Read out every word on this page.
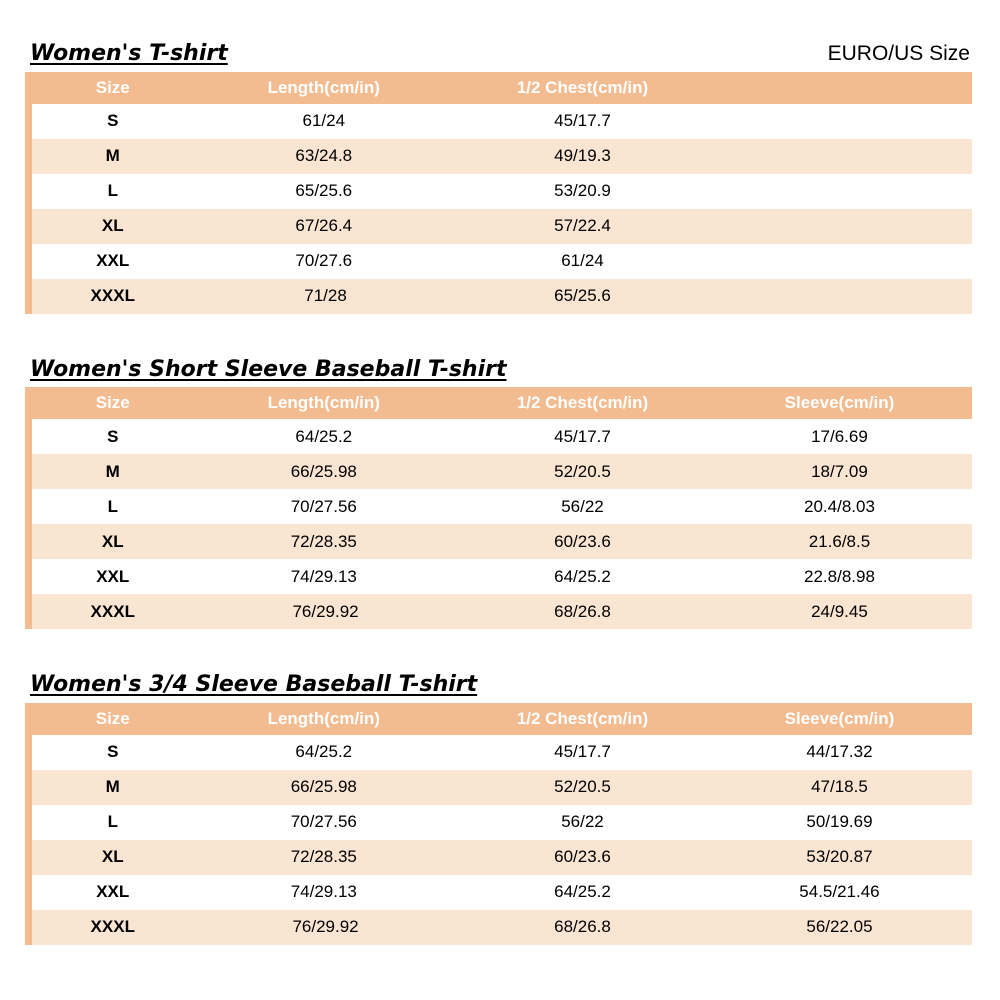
Women's T-shirt	EURO/US Size
Size	Length(cm/in)	1/2 Chest(cm/in)	
S	61/24	45/17.7	
M	63/24.8	49/19.3	
L	65/25.6	53/20.9	
XL	67/26.4	57/22.4	
XXL	70/27.6	61/24	
XXXL	71/28	65/25.6	
Women's Short Sleeve Baseball T-shirt
Size	Length(cm/in)	1/2 Chest(cm/in)	Sleeve(cm/in)
S	64/25.2	45/17.7	17/6.69
M	66/25.98	52/20.5	18/7.09
L	70/27.56	56/22	20.4/8.03
XL	72/28.35	60/23.6	21.6/8.5
XXL	74/29.13	64/25.2	22.8/8.98
XXXL	76/29.92	68/26.8	24/9.45
Women's 3/4 Sleeve Baseball T-shirt
Size	Length(cm/in)	1/2 Chest(cm/in)	Sleeve(cm/in)
S	64/25.2	45/17.7	44/17.32
M	66/25.98	52/20.5	47/18.5
L	70/27.56	56/22	50/19.69
XL	72/28.35	60/23.6	53/20.87
XXL	74/29.13	64/25.2	54.5/21.46
XXXL	76/29.92	68/26.8	56/22.05
